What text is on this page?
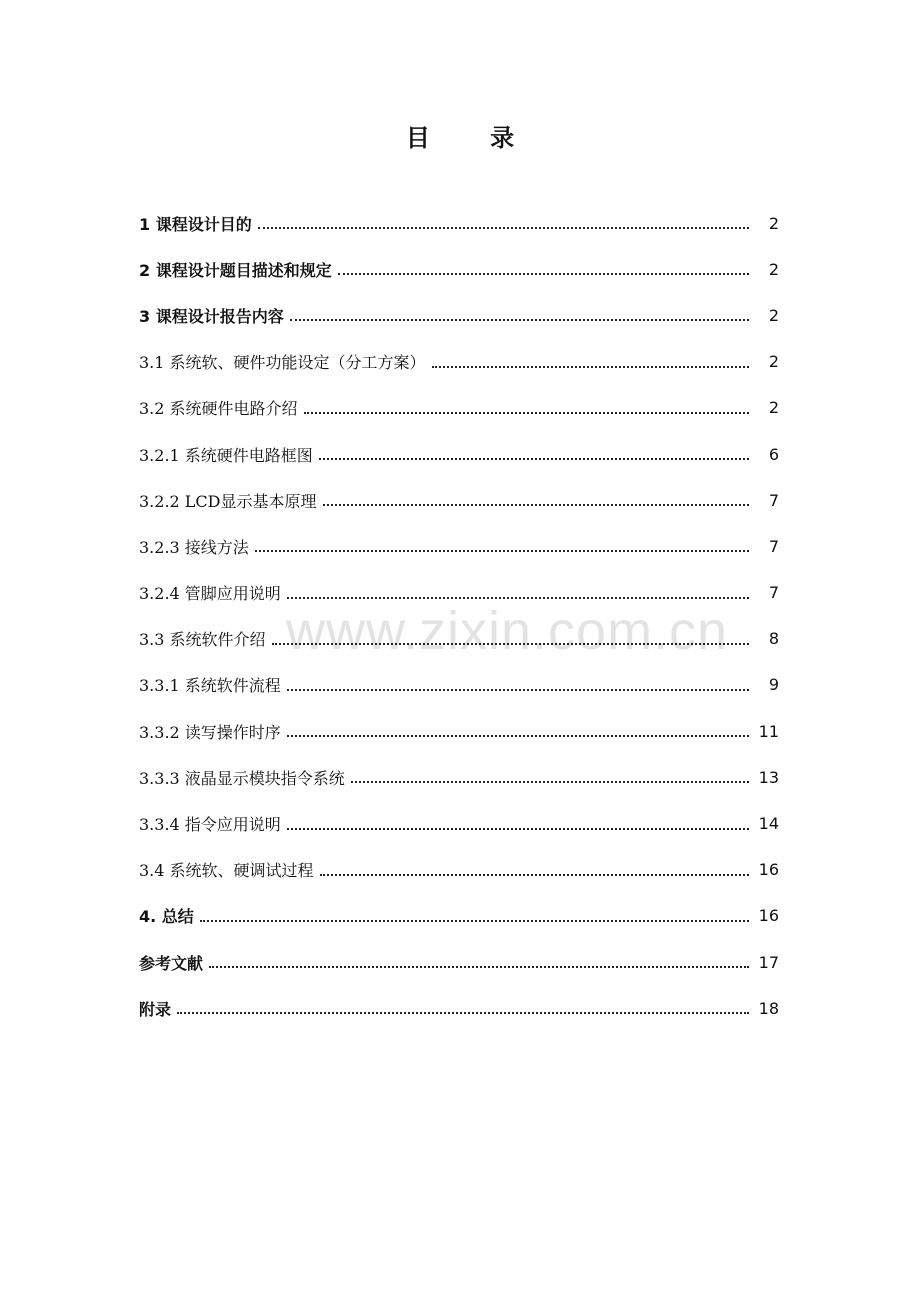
www.zixin.com.cn
目 录
1 课程设计目的	2
2 课程设计题目描述和规定	2
3 课程设计报告内容	2
3.1 系统软、硬件功能设定（分工方案）	2
3.2 系统硬件电路介绍	2
3.2.1 系统硬件电路框图	6
3.2.2 LCD显示基本原理	7
3.2.3 接线方法	7
3.2.4 管脚应用说明	7
3.3 系统软件介绍	8
3.3.1 系统软件流程	9
3.3.2 读写操作时序	11
3.3.3 液晶显示模块指令系统	13
3.3.4 指令应用说明	14
3.4 系统软、硬调试过程	16
4. 总结	16
参考文献	17
附录	18
